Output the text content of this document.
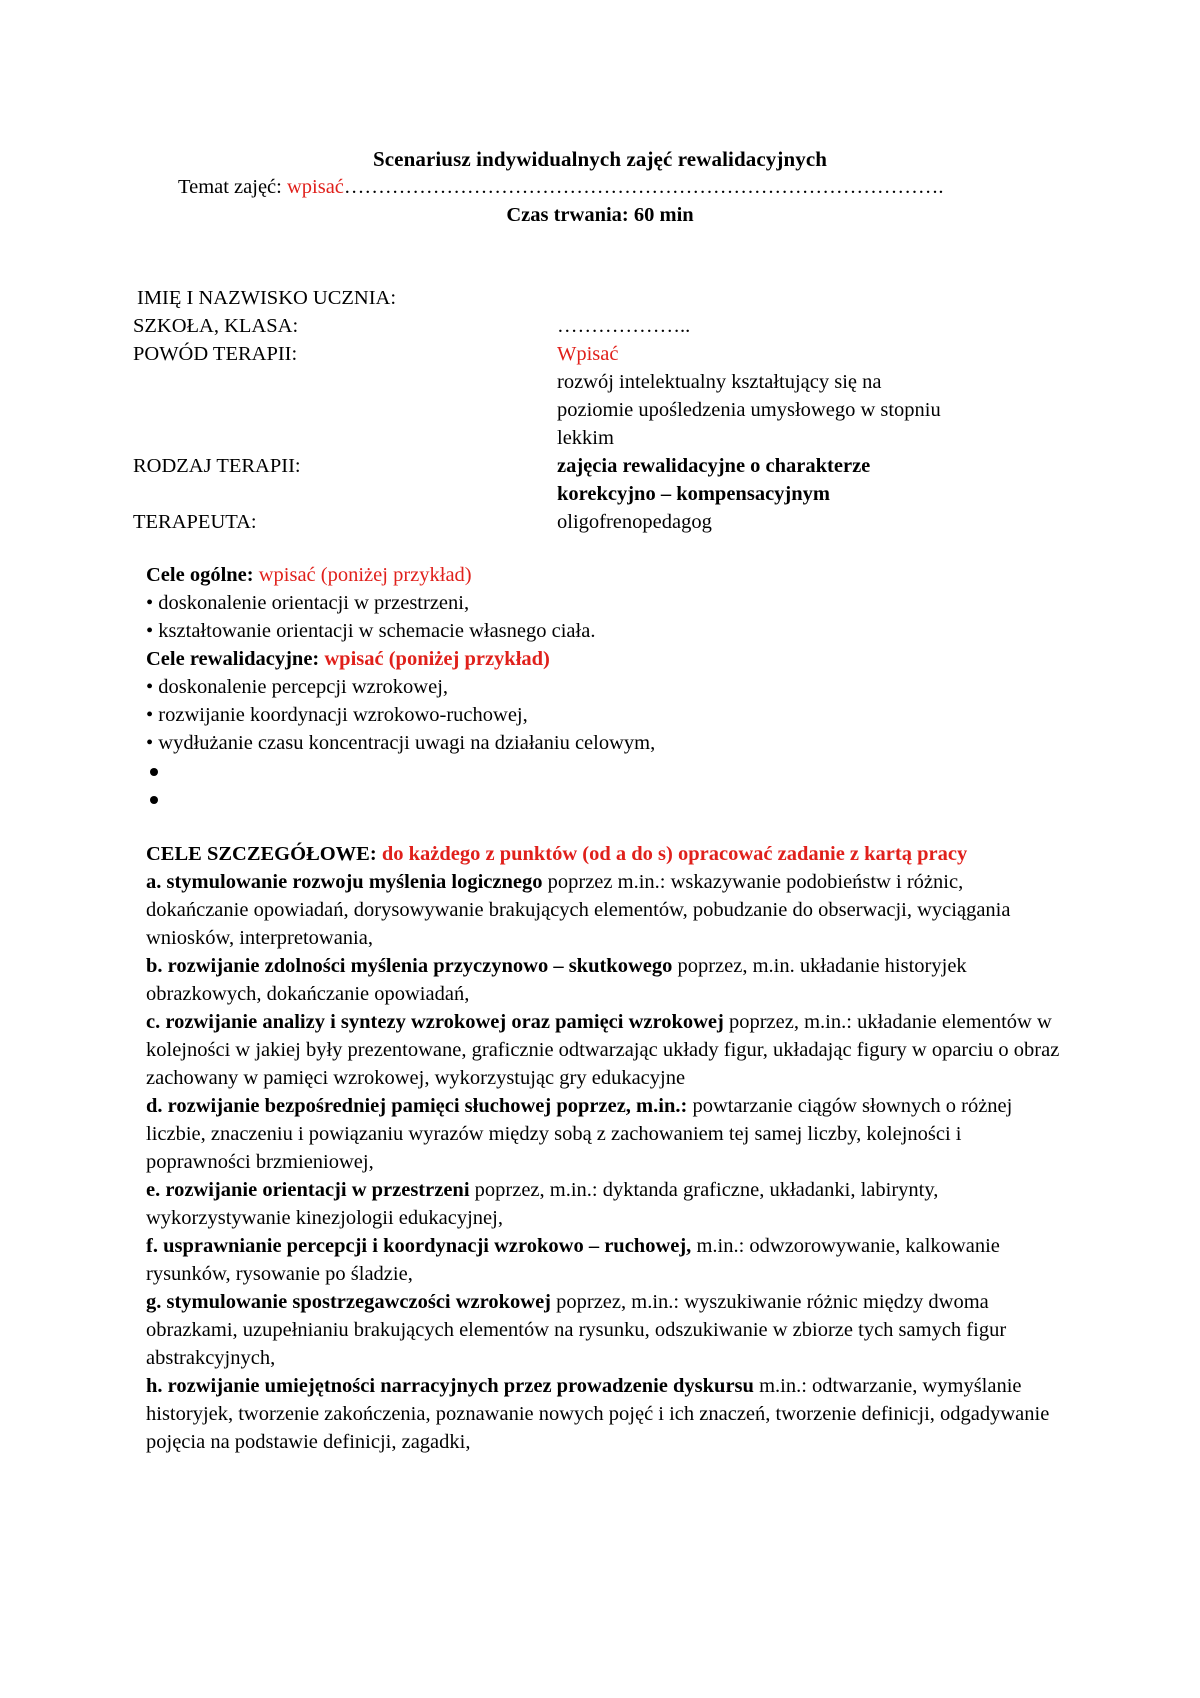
Scenariusz indywidualnych zajęć rewalidacyjnych
Temat zajęć: wpisać…………………………………………………………………………….
Czas trwania: 60 min
IMIĘ I NAZWISKO UCZNIA:
SZKOŁA, KLASA:	………………..
POWÓD TERAPII:	Wpisać
rozwój intelektualny kształtujący się na poziomie upośledzenia umysłowego w stopniu lekkim
RODZAJ TERAPII:	zajęcia rewalidacyjne o charakterze korekcyjno – kompensacyjnym
TERAPEUTA:	oligofrenopedagog
Cele ogólne: wpisać (poniżej przykład)
• doskonalenie orientacji w przestrzeni,
• kształtowanie orientacji w schemacie własnego ciała.
Cele rewalidacyjne: wpisać (poniżej przykład)
• doskonalenie percepcji wzrokowej,
• rozwijanie koordynacji wzrokowo-ruchowej,
• wydłużanie czasu koncentracji uwagi na działaniu celowym,

CELE SZCZEGÓŁOWE: do każdego z punktów (od a do s) opracować zadanie z kartą pracy

a. stymulowanie rozwoju myślenia logicznego poprzez m.in.: wskazywanie podobieństw i różnic, dokańczanie opowiadań, dorysowywanie brakujących elementów, pobudzanie do obserwacji, wyciągania wniosków, interpretowania,

b. rozwijanie zdolności myślenia przyczynowo – skutkowego poprzez, m.in. układanie historyjek obrazkowych, dokańczanie opowiadań,

c. rozwijanie analizy i syntezy wzrokowej oraz pamięci wzrokowej poprzez, m.in.: układanie elementów w kolejności w jakiej były prezentowane, graficznie odtwarzając układy figur, układając figury w oparciu o obraz zachowany w pamięci wzrokowej, wykorzystując gry edukacyjne

d. rozwijanie bezpośredniej pamięci słuchowej poprzez, m.in.: powtarzanie ciągów słownych o różnej liczbie, znaczeniu i powiązaniu wyrazów między sobą z zachowaniem tej samej liczby, kolejności i poprawności brzmieniowej,

e. rozwijanie orientacji w przestrzeni poprzez, m.in.: dyktanda graficzne, układanki, labirynty, wykorzystywanie kinezjologii edukacyjnej,

f. usprawnianie percepcji i koordynacji wzrokowo – ruchowej, m.in.: odwzorowywanie, kalkowanie rysunków, rysowanie po śladzie,

g. stymulowanie spostrzegawczości wzrokowej poprzez, m.in.: wyszukiwanie różnic między dwoma obrazkami, uzupełnianiu brakujących elementów na rysunku, odszukiwanie w zbiorze tych samych figur abstrakcyjnych,

h. rozwijanie umiejętności narracyjnych przez prowadzenie dyskursu m.in.: odtwarzanie, wymyślanie historyjek, tworzenie zakończenia, poznawanie nowych pojęć i ich znaczeń, tworzenie definicji, odgadywanie pojęcia na podstawie definicji, zagadki,
